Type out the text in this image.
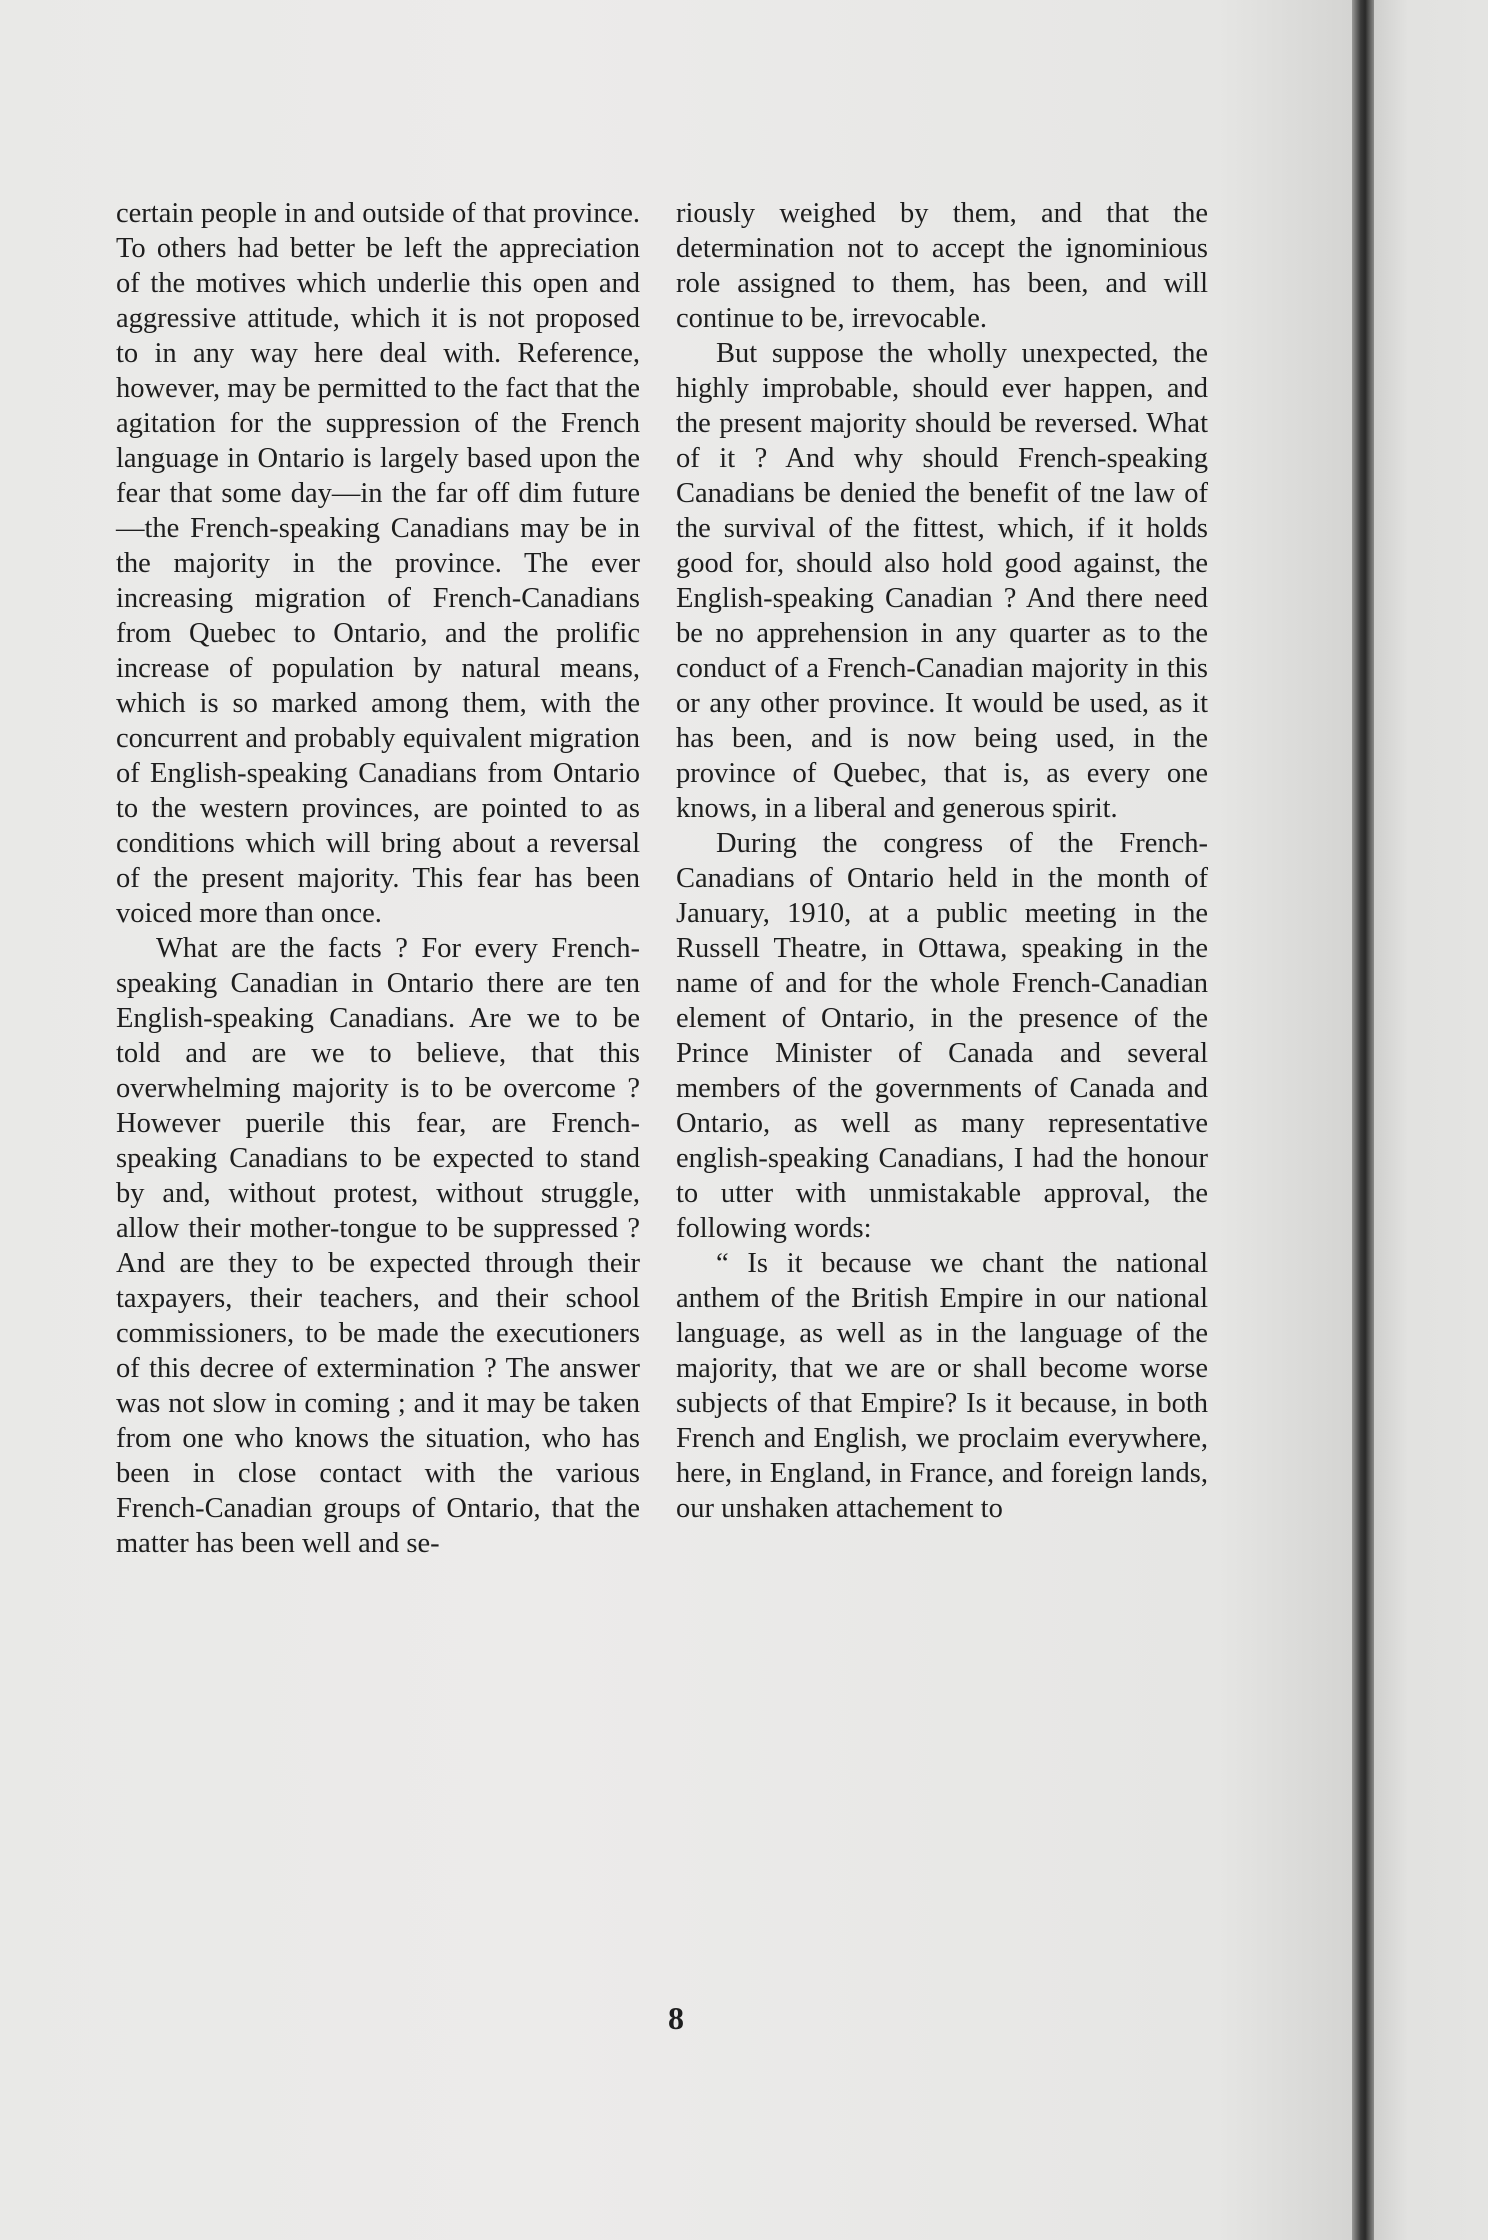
certain people in and outside of that province. To others had better be left the appreciation of the motives which underlie this open and aggressive attitude, which it is not proposed to in any way here deal with. Reference, however, may be permitted to the fact that the agitation for the suppression of the French language in Ontario is largely based upon the fear that some day—in the far off dim future—the French-speaking Canadians may be in the majority in the province. The ever increasing migration of French-Canadians from Quebec to Ontario, and the prolific increase of population by natural means, which is so marked among them, with the concurrent and probably equivalent migration of English-speaking Canadians from Ontario to the western provinces, are pointed to as conditions which will bring about a reversal of the present majority. This fear has been voiced more than once.

What are the facts ? For every French-speaking Canadian in Ontario there are ten English-speaking Canadians. Are we to be told and are we to believe, that this overwhelming majority is to be overcome ? However puerile this fear, are French-speaking Canadians to be expected to stand by and, without protest, without struggle, allow their mother-tongue to be suppressed ? And are they to be expected through their taxpayers, their teachers, and their school commissioners, to be made the executioners of this decree of extermination ? The answer was not slow in coming ; and it may be taken from one who knows the situation, who has been in close contact with the various French-Canadian groups of Ontario, that the matter has been well and se-

riously weighed by them, and that the determination not to accept the ignominious role assigned to them, has been, and will continue to be, irrevocable.

But suppose the wholly unexpected, the highly improbable, should ever happen, and the present majority should be reversed. What of it ? And why should French-speaking Canadians be denied the benefit of tne law of the survival of the fittest, which, if it holds good for, should also hold good against, the English-speaking Canadian ? And there need be no apprehension in any quarter as to the conduct of a French-Canadian majority in this or any other province. It would be used, as it has been, and is now being used, in the province of Quebec, that is, as every one knows, in a liberal and generous spirit.

During the congress of the French-Canadians of Ontario held in the month of January, 1910, at a public meeting in the Russell Theatre, in Ottawa, speaking in the name of and for the whole French-Canadian element of Ontario, in the presence of the Prince Minister of Canada and several members of the governments of Canada and Ontario, as well as many representative english-speaking Canadians, I had the honour to utter with unmistakable approval, the following words:

“ Is it because we chant the national anthem of the British Empire in our national language, as well as in the language of the majority, that we are or shall become worse subjects of that Empire? Is it because, in both French and English, we proclaim everywhere, here, in England, in France, and foreign lands, our unshaken attachement to

8
